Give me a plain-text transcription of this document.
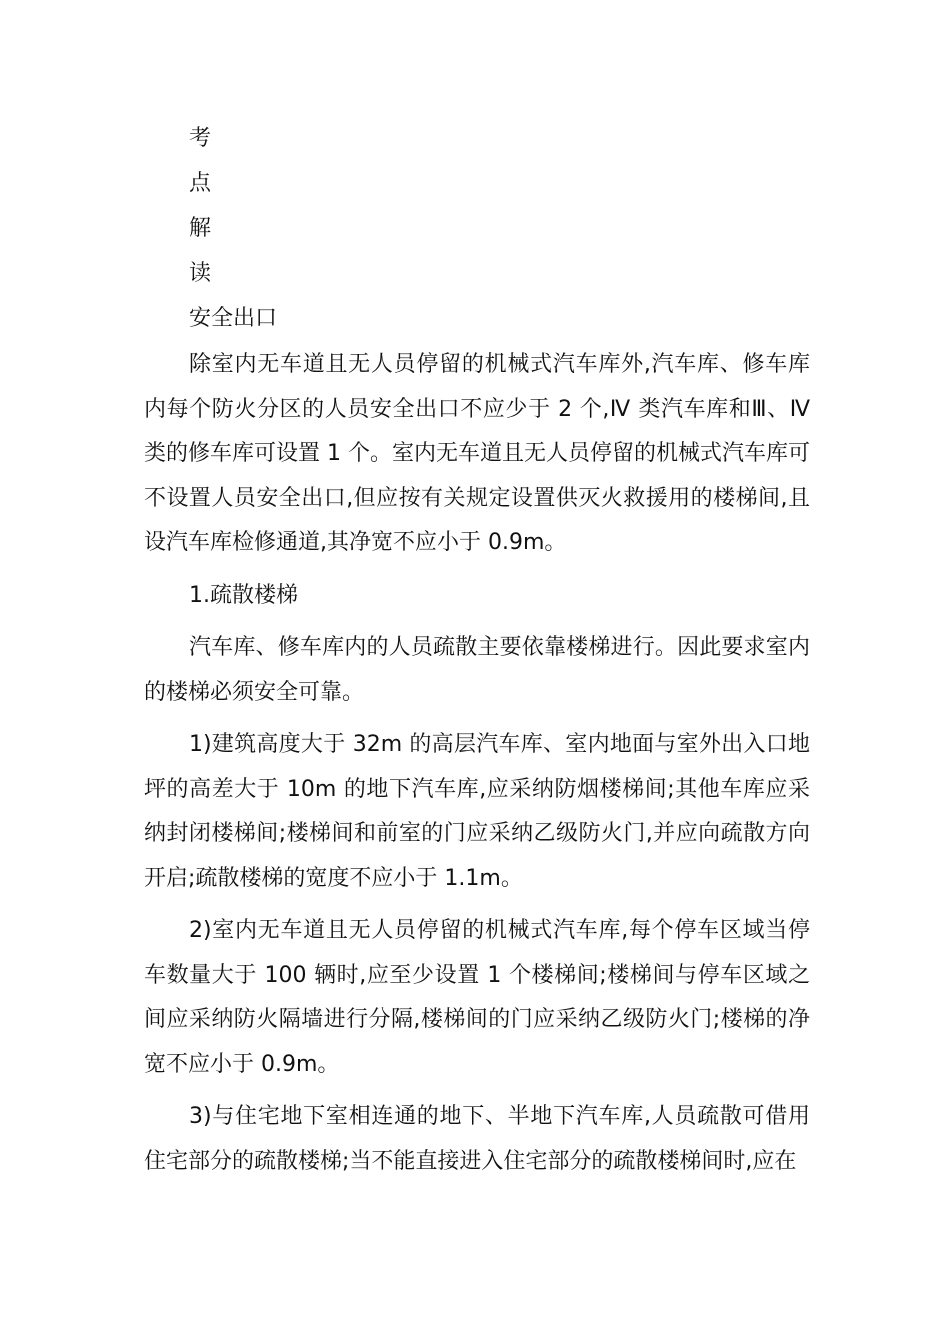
考
点
解
读
安全出口

除室内无车道且无人员停留的机械式汽车库外,汽车库、修车库内每个防火分区的人员安全出口不应少于 2 个,Ⅳ 类汽车库和Ⅲ、Ⅳ类的修车库可设置 1 个。室内无车道且无人员停留的机械式汽车库可不设置人员安全出口,但应按有关规定设置供灭火救援用的楼梯间,且设汽车库检修通道,其净宽不应小于 0.9m。

1.疏散楼梯

汽车库、修车库内的人员疏散主要依靠楼梯进行。因此要求室内的楼梯必须安全可靠。

1)建筑高度大于 32m 的高层汽车库、室内地面与室外出入口地坪的高差大于 10m 的地下汽车库,应采纳防烟楼梯间;其他车库应采纳封闭楼梯间;楼梯间和前室的门应采纳乙级防火门,并应向疏散方向开启;疏散楼梯的宽度不应小于 1.1m。

2)室内无车道且无人员停留的机械式汽车库,每个停车区域当停车数量大于 100 辆时,应至少设置 1 个楼梯间;楼梯间与停车区域之间应采纳防火隔墙进行分隔,楼梯间的门应采纳乙级防火门;楼梯的净宽不应小于 0.9m。

3)与住宅地下室相连通的地下、半地下汽车库,人员疏散可借用住宅部分的疏散楼梯;当不能直接进入住宅部分的疏散楼梯间时,应在
